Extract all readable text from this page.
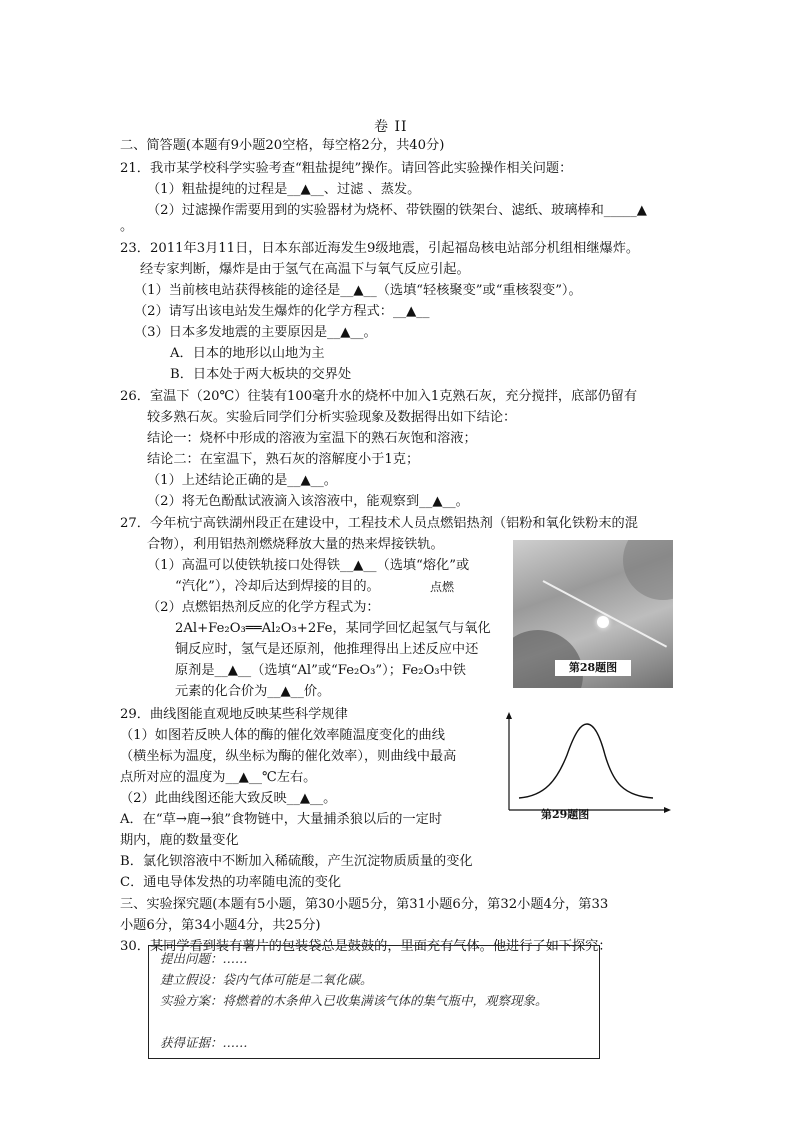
卷 II
二、简答题(本题有9小题20空格，每空格2分，共40分)
21．我市某学校科学实验考查“粗盐提纯”操作。请回答此实验操作相关问题：
（1）粗盐提纯的过程是__▲__、过滤 、蒸发。
（2）过滤操作需要用到的实验器材为烧杯、带铁圈的铁架台、滤纸、玻璃棒和_____▲
。
23．2011年3月11日，日本东部近海发生9级地震，引起福岛核电站部分机组相继爆炸。
经专家判断，爆炸是由于氢气在高温下与氧气反应引起。
（1）当前核电站获得核能的途径是__▲__（选填“轻核聚变”或“重核裂变”）。
（2）请写出该电站发生爆炸的化学方程式：__▲__
（3）日本多发地震的主要原因是__▲__。
A．日本的地形以山地为主
B．日本处于两大板块的交界处
26．室温下（20℃）往装有100毫升水的烧杯中加入1克熟石灰，充分搅拌，底部仍留有
较多熟石灰。实验后同学们分析实验现象及数据得出如下结论：
结论一：烧杯中形成的溶液为室温下的熟石灰饱和溶液；
结论二：在室温下，熟石灰的溶解度小于1克；
（1）上述结论正确的是__▲__。
（2）将无色酚酞试液滴入该溶液中，能观察到__▲__。
27．今年杭宁高铁湖州段正在建设中，工程技术人员点燃铝热剂（铝粉和氧化铁粉末的混
合物），利用铝热剂燃烧释放大量的热来焊接铁轨。
（1）高温可以使铁轨接口处得铁__▲__（选填“熔化”或
“汽化”），冷却后达到焊接的目的。	点燃
（2）点燃铝热剂反应的化学方程式为：
2Al+Fe₂O₃══Al₂O₃+2Fe，某同学回忆起氢气与氧化
铜反应时，氢气是还原剂，他推理得出上述反应中还
原剂是__▲__（选填“Al”或“Fe₂O₃”）；Fe₂O₃中铁
元素的化合价为__▲__价。
第28题图
29．曲线图能直观地反映某些科学规律
（1）如图若反映人体的酶的催化效率随温度变化的曲线
（横坐标为温度，纵坐标为酶的催化效率），则曲线中最高
点所对应的温度为__▲__℃左右。
（2）此曲线图还能大致反映__▲__。
A．在“草→鹿→狼”食物链中，大量捕杀狼以后的一定时
期内，鹿的数量变化
B．氯化钡溶液中不断加入稀硫酸，产生沉淀物质质量的变化
C．通电导体发热的功率随电流的变化
第29题图
三、实验探究题(本题有5小题，第30小题5分，第31小题6分，第32小题4分，第33
小题6分，第34小题4分，共25分)
30．某同学看到装有薯片的包装袋总是鼓鼓的，里面充有气体。他进行了如下探究：
提出问题：……
建立假设：袋内气体可能是二氧化碳。
实验方案：将燃着的木条伸入已收集满该气体的集气瓶中，观察现象。
获得证据：……
